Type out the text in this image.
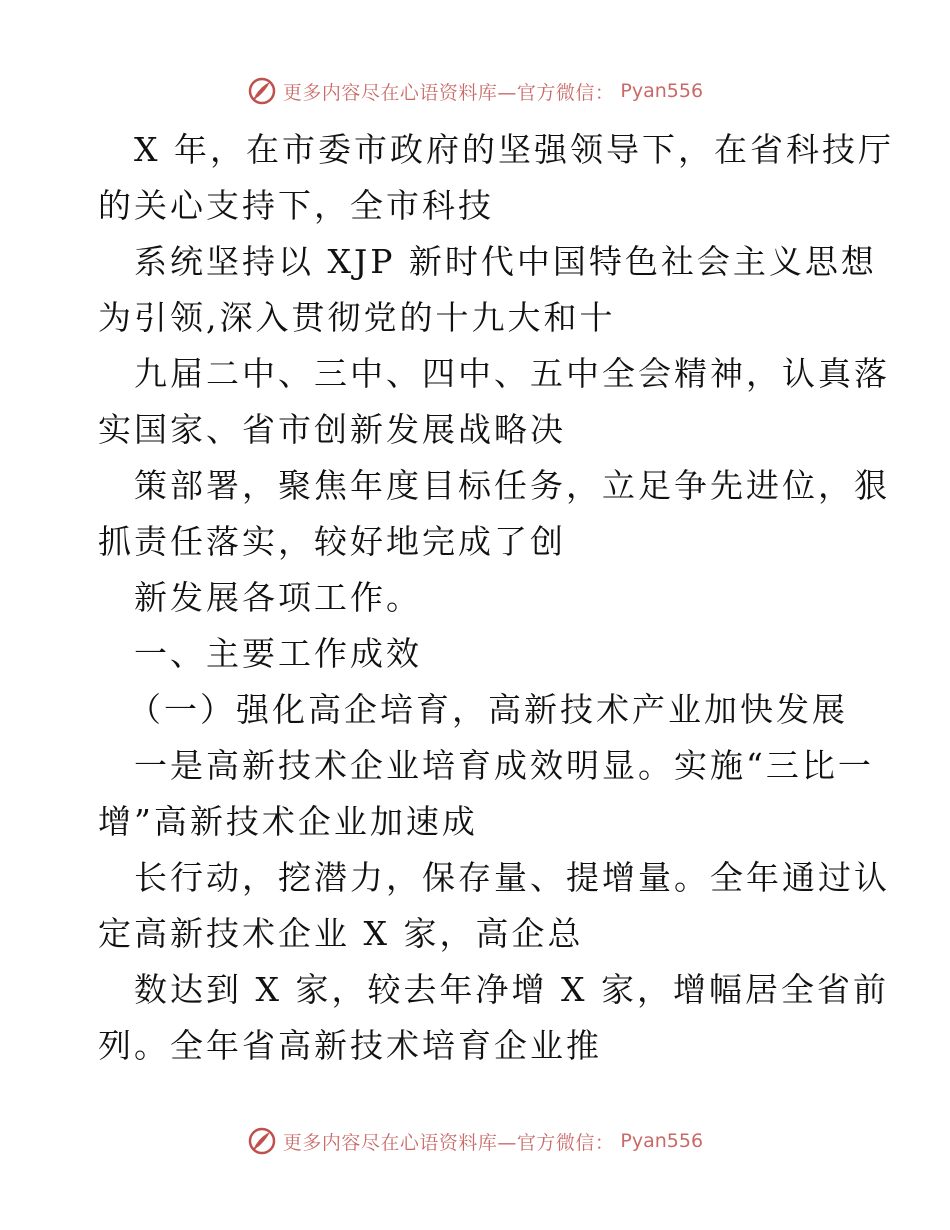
更多内容尽在心语资料库—官方微信： Pyan556
X 年，在市委市政府的坚强领导下，在省科技厅
的关心支持下，全市科技
系统坚持以 XJP 新时代中国特色社会主义思想
为引领,深入贯彻党的十九大和十
九届二中、三中、四中、五中全会精神，认真落
实国家、省市创新发展战略决
策部署，聚焦年度目标任务，立足争先进位，狠
抓责任落实，较好地完成了创
新发展各项工作。
一、主要工作成效
（一）强化高企培育，高新技术产业加快发展
一是高新技术企业培育成效明显。实施“三比一
增”高新技术企业加速成
长行动，挖潜力，保存量、提增量。全年通过认
定高新技术企业 X 家，高企总
数达到 X 家，较去年净增 X 家，增幅居全省前
列。全年省高新技术培育企业推
更多内容尽在心语资料库—官方微信： Pyan556
